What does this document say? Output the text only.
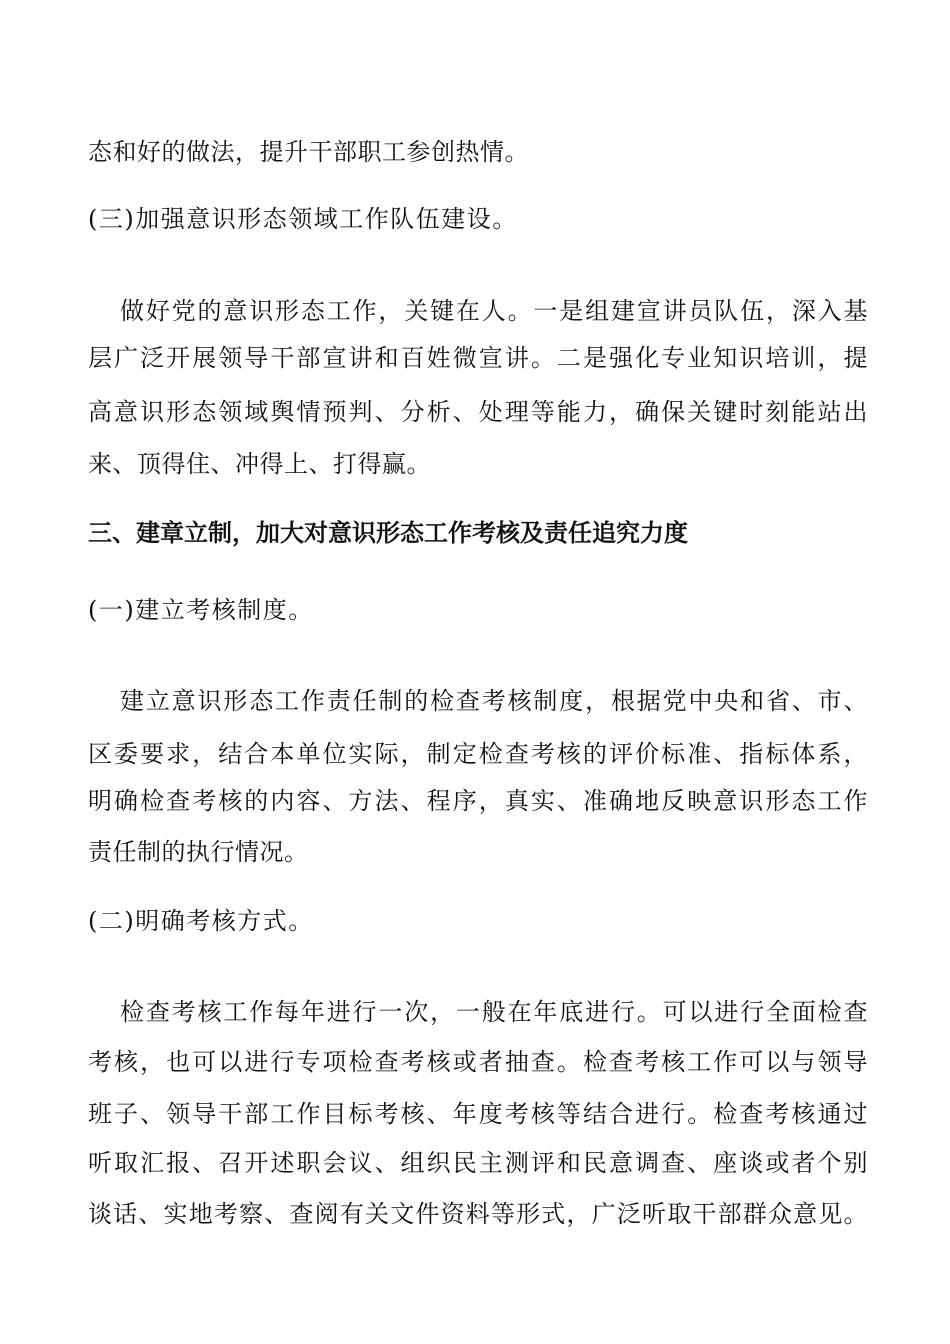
态和好的做法，提升干部职工参创热情。
(三)加强意识形态领域工作队伍建设。
做好党的意识形态工作，关键在人。一是组建宣讲员队伍，深入基
层广泛开展领导干部宣讲和百姓微宣讲。二是强化专业知识培训，提
高意识形态领域舆情预判、分析、处理等能力，确保关键时刻能站出
来、顶得住、冲得上、打得赢。
三、建章立制，加大对意识形态工作考核及责任追究力度
(一)建立考核制度。
建立意识形态工作责任制的检查考核制度，根据党中央和省、市、
区委要求，结合本单位实际，制定检查考核的评价标准、指标体系，
明确检查考核的内容、方法、程序，真实、准确地反映意识形态工作
责任制的执行情况。
(二)明确考核方式。
检查考核工作每年进行一次，一般在年底进行。可以进行全面检查
考核，也可以进行专项检查考核或者抽查。检查考核工作可以与领导
班子、领导干部工作目标考核、年度考核等结合进行。检查考核通过
听取汇报、召开述职会议、组织民主测评和民意调查、座谈或者个别
谈话、实地考察、查阅有关文件资料等形式，广泛听取干部群众意见。
